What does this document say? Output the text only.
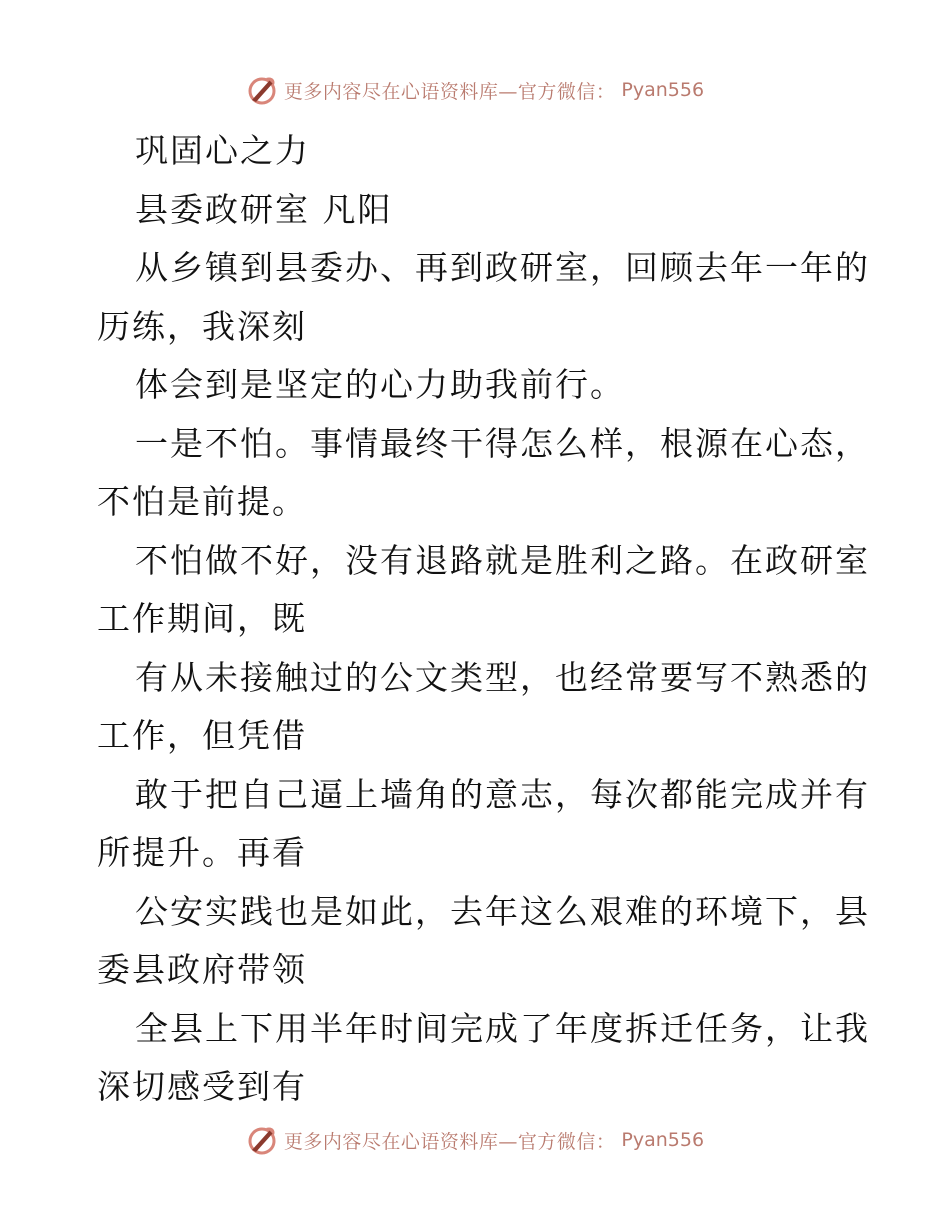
更多内容尽在心语资料库—官方微信： Pyan556
巩固心之力
县委政研室 凡阳
从乡镇到县委办、再到政研室，回顾去年一年的
历练，我深刻
体会到是坚定的心力助我前行。
一是不怕。事情最终干得怎么样，根源在心态，
不怕是前提。
不怕做不好，没有退路就是胜利之路。在政研室
工作期间，既
有从未接触过的公文类型，也经常要写不熟悉的
工作，但凭借
敢于把自己逼上墙角的意志，每次都能完成并有
所提升。再看
公安实践也是如此，去年这么艰难的环境下，县
委县政府带领
全县上下用半年时间完成了年度拆迁任务，让我
深切感受到有
更多内容尽在心语资料库—官方微信： Pyan556
